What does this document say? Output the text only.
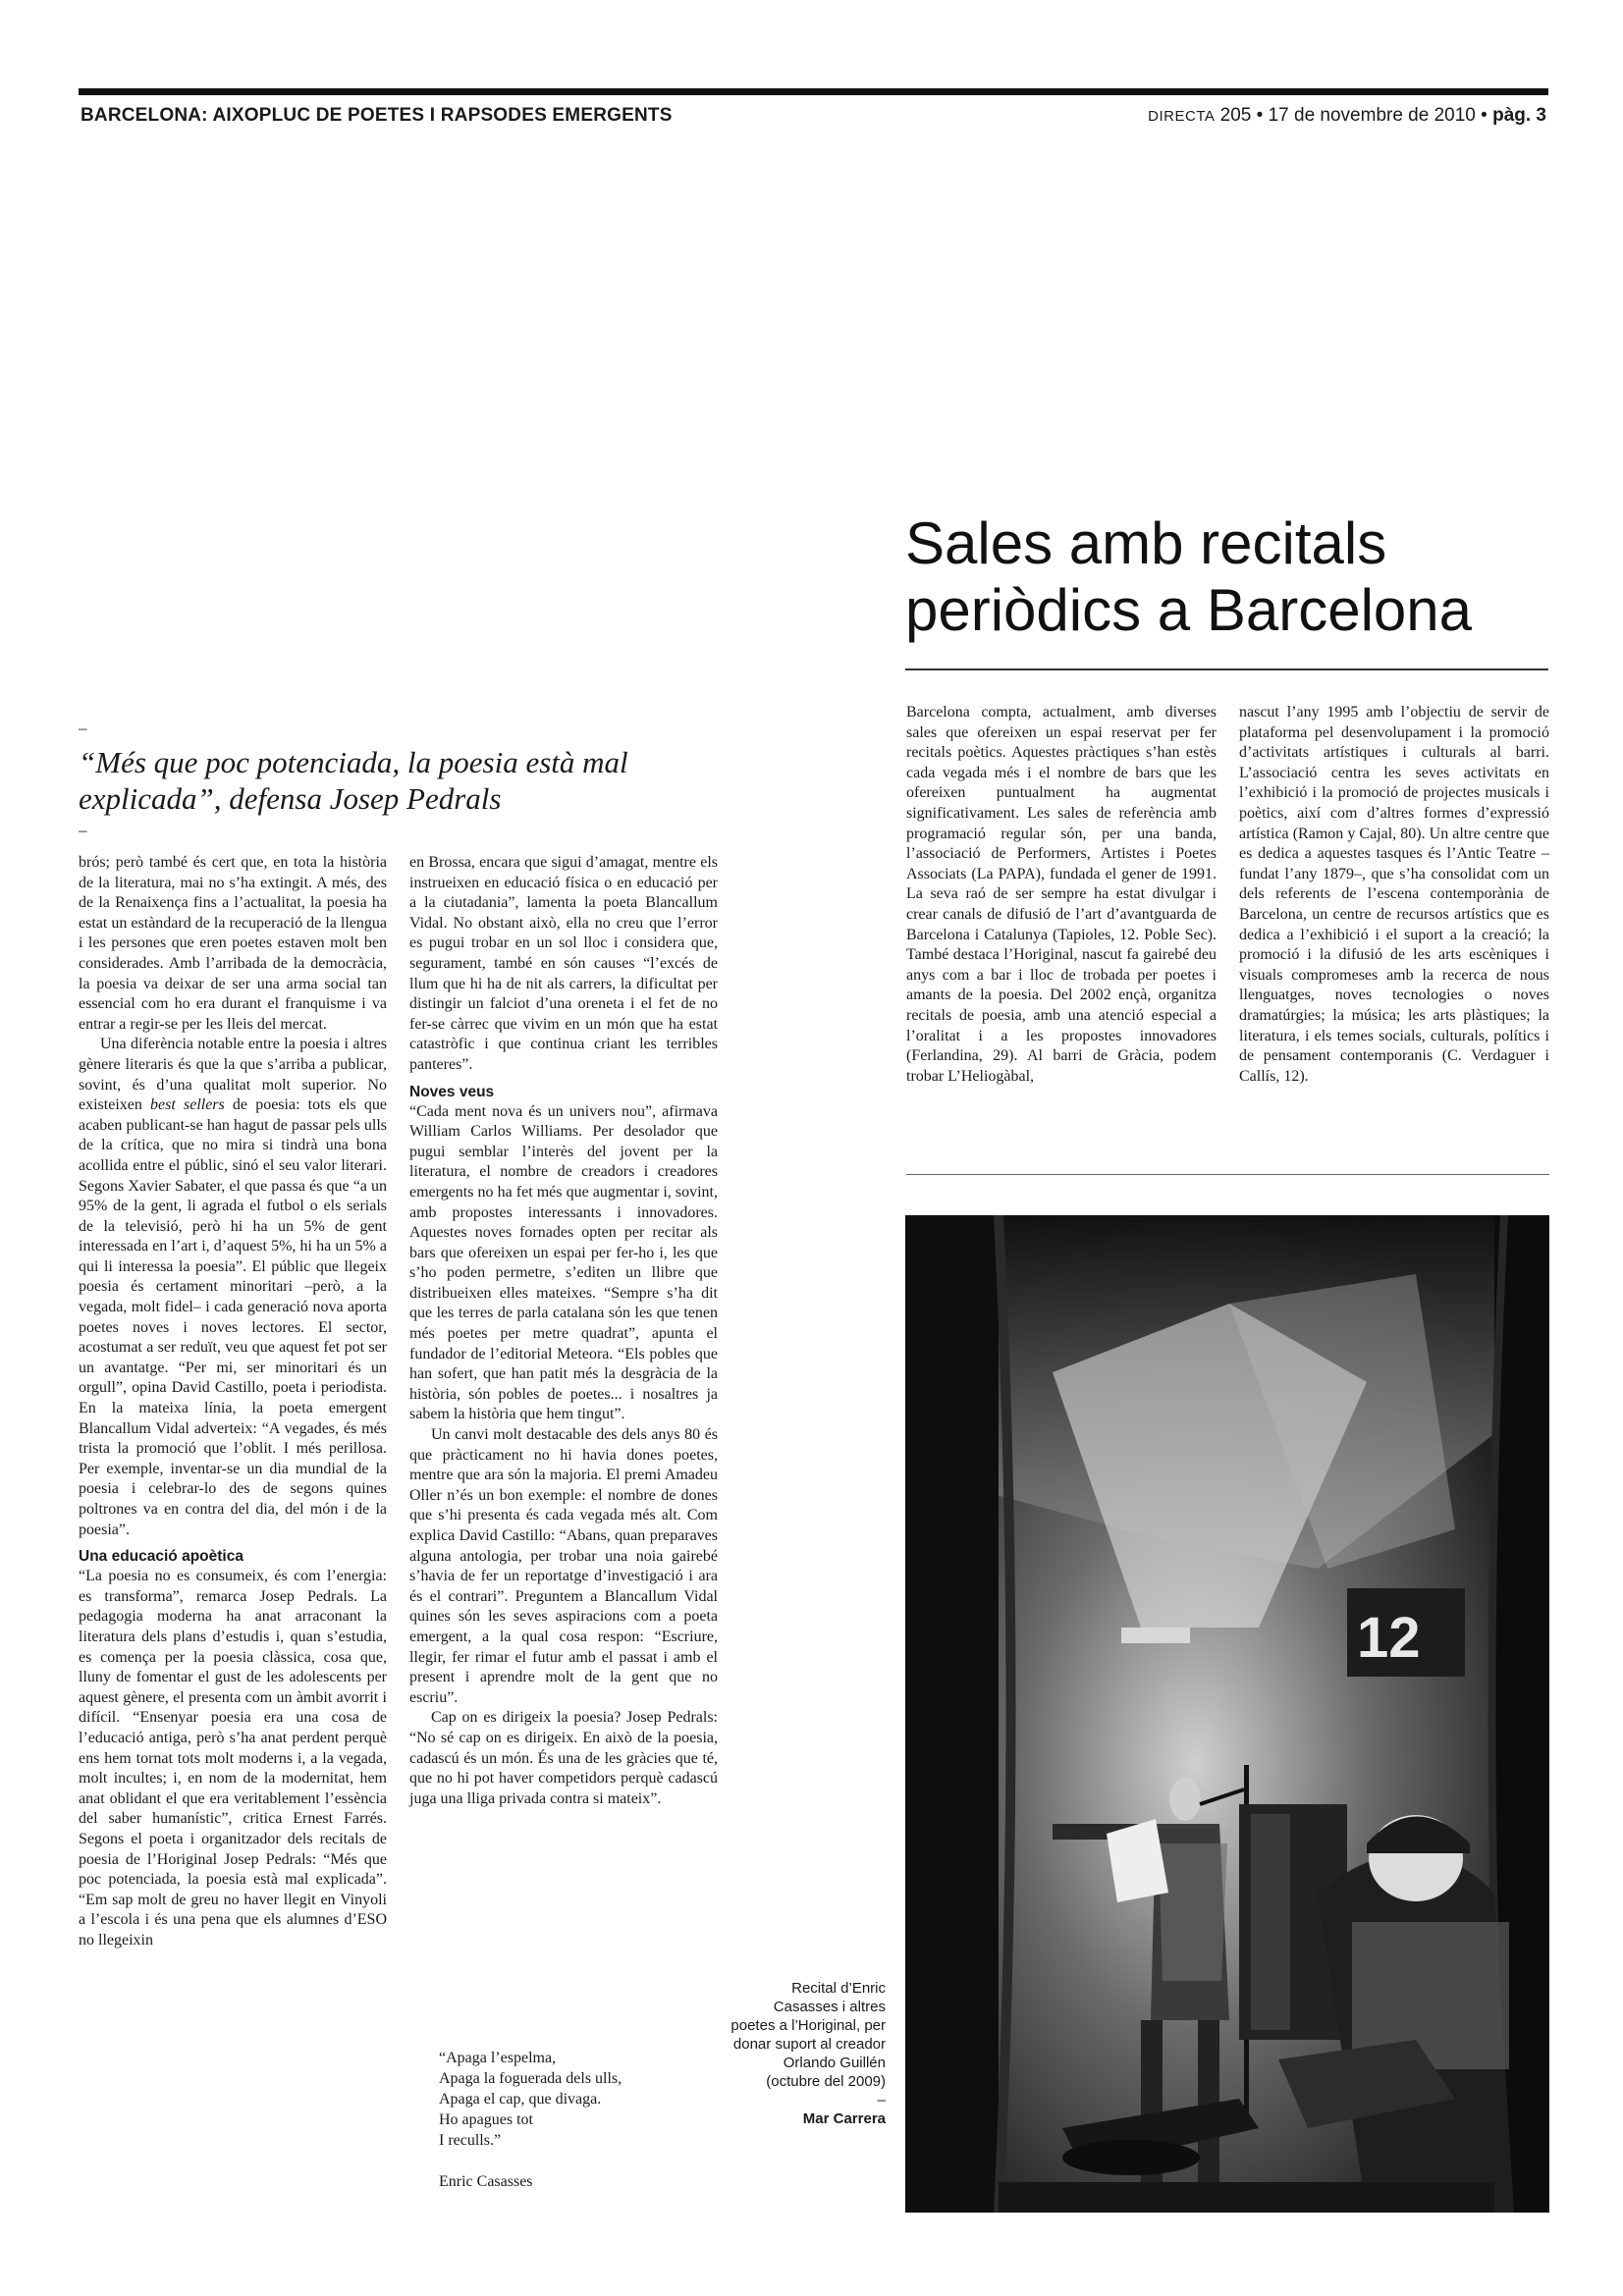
BARCELONA: AIXOPLUC DE POETES I RAPSODES EMERGENTS	DIRECTA 205 • 17 de novembre de 2010 • pàg. 3
Sales amb recitals
periòdics a Barcelona
–
“Més que poc potenciada, la poesia està mal explicada”, defensa Josep Pedrals
–

brós; però també és cert que, en tota la història de la literatura, mai no s’ha extingit. A més, des de la Renaixença fins a l’actualitat, la poesia ha estat un estàndard de la recuperació de la llengua i les persones que eren poetes estaven molt ben considerades. Amb l’arribada de la democràcia, la poesia va deixar de ser una arma social tan essencial com ho era durant el franquisme i va entrar a regir-se per les lleis del mercat.

Una diferència notable entre la poesia i altres gènere literaris és que la que s’arriba a publicar, sovint, és d’una qualitat molt superior. No existeixen best sellers de poesia: tots els que acaben publicant-se han hagut de passar pels ulls de la crítica, que no mira si tindrà una bona acollida entre el públic, sinó el seu valor literari. Segons Xavier Sabater, el que passa és que “a un 95% de la gent, li agrada el futbol o els serials de la televisió, però hi ha un 5% de gent interessada en l’art i, d’aquest 5%, hi ha un 5% a qui li interessa la poesia”. El públic que llegeix poesia és certament minoritari –però, a la vegada, molt fidel– i cada generació nova aporta poetes noves i noves lectores. El sector, acostumat a ser reduït, veu que aquest fet pot ser un avantatge. “Per mi, ser minoritari és un orgull”, opina David Castillo, poeta i periodista. En la mateixa línia, la poeta emergent Blancallum Vidal adverteix: “A vegades, és més trista la promoció que l’oblit. I més perillosa. Per exemple, inventar-se un dia mundial de la poesia i celebrar-lo des de segons quines poltrones va en contra del dia, del món i de la poesia”.

Una educació apoètica

“La poesia no es consumeix, és com l’energia: es transforma”, remarca Josep Pedrals. La pedagogia moderna ha anat arraconant la literatura dels plans d’estudis i, quan s’estudia, es comença per la poesia clàssica, cosa que, lluny de fomentar el gust de les adolescents per aquest gènere, el presenta com un àmbit avorrit i difícil. “Ensenyar poesia era una cosa de l’educació antiga, però s’ha anat perdent perquè ens hem tornat tots molt moderns i, a la vegada, molt incultes; i, en nom de la modernitat, hem anat oblidant el que era veritablement l’essència del saber humanístic”, critica Ernest Farrés. Segons el poeta i organitzador dels recitals de poesia de l’Horiginal Josep Pedrals: “Més que poc potenciada, la poesia està mal explicada”. “Em sap molt de greu no haver llegit en Vinyoli a l’escola i és una pena que els alumnes d’ESO no llegeixin

en Brossa, encara que sigui d’amagat, mentre els instrueixen en educació física o en educació per a la ciutadania”, lamenta la poeta Blancallum Vidal. No obstant això, ella no creu que l’error es pugui trobar en un sol lloc i considera que, segurament, també en són causes “l’excés de llum que hi ha de nit als carrers, la dificultat per distingir un falciot d’una oreneta i el fet de no fer-se càrrec que vivim en un món que ha estat catastròfic i que continua criant les terribles panteres”.

Noves veus

“Cada ment nova és un univers nou”, afirmava William Carlos Williams. Per desolador que pugui semblar l’interès del jovent per la literatura, el nombre de creadors i creadores emergents no ha fet més que augmentar i, sovint, amb propostes interessants i innovadores. Aquestes noves fornades opten per recitar als bars que ofereixen un espai per fer-ho i, les que s’ho poden permetre, s’editen un llibre que distribueixen elles mateixes. “Sempre s’ha dit que les terres de parla catalana són les que tenen més poetes per metre quadrat”, apunta el fundador de l’editorial Meteora. “Els pobles que han sofert, que han patit més la desgràcia de la història, són pobles de poetes... i nosaltres ja sabem la història que hem tingut”.

Un canvi molt destacable des dels anys 80 és que pràcticament no hi havia dones poetes, mentre que ara són la majoria. El premi Amadeu Oller n’és un bon exemple: el nombre de dones que s’hi presenta és cada vegada més alt. Com explica David Castillo: “Abans, quan preparaves alguna antologia, per trobar una noia gairebé s’havia de fer un reportatge d’investigació i ara és el contrari”. Preguntem a Blancallum Vidal quines són les seves aspiracions com a poeta emergent, a la qual cosa respon: “Escriure, llegir, fer rimar el futur amb el passat i amb el present i aprendre molt de la gent que no escriu”.

Cap on es dirigeix la poesia? Josep Pedrals: “No sé cap on es dirigeix. En això de la poesia, cadascú és un món. És una de les gràcies que té, que no hi pot haver competidors perquè cadascú juga una lliga privada contra si mateix”.

“Apaga l’espelma,

Apaga la foguerada dels ulls,

Apaga el cap, que divaga.

Ho apagues tot

I reculls.”

Enric Casasses

Barcelona compta, actualment, amb diverses sales que ofereixen un espai reservat per fer recitals poètics. Aquestes pràctiques s’han estès cada vegada més i el nombre de bars que les ofereixen puntualment ha augmentat significativament. Les sales de referència amb programació regular són, per una banda, l’associació de Performers, Artistes i Poetes Associats (La PAPA), fundada el gener de 1991. La seva raó de ser sempre ha estat divulgar i crear canals de difusió de l’art d’avantguarda de Barcelona i Catalunya (Tapioles, 12. Poble Sec). També destaca l’Horiginal, nascut fa gairebé deu anys com a bar i lloc de trobada per poetes i amants de la poesia. Del 2002 ençà, organitza recitals de poesia, amb una atenció especial a l’oralitat i a les propostes innovadores (Ferlandina, 29). Al barri de Gràcia, podem trobar L’Heliogàbal,

nascut l’any 1995 amb l’objectiu de servir de plataforma pel desenvolupament i la promoció d’activitats artístiques i culturals al barri. L’associació centra les seves activitats en l’exhibició i la promoció de projectes musicals i poètics, així com d’altres formes d’expressió artística (Ramon y Cajal, 80). Un altre centre que es dedica a aquestes tasques és l’Antic Teatre –fundat l’any 1879–, que s’ha consolidat com un dels referents de l’escena contemporània de Barcelona, un centre de recursos artístics que es dedica a l’exhibició i el suport a la creació; la promoció i la difusió de les arts escèniques i visuals compromeses amb la recerca de nous llenguatges, noves tecnologies o noves dramatúrgies; la música; les arts plàstiques; la literatura, i els temes socials, culturals, polítics i de pensament contemporanis (C. Verdaguer i Callís, 12).

12
Recital d’Enric Casasses i altres poetes a l’Horiginal, per donar suport al creador Orlando Guillén (octubre del 2009)
–
Mar Carrera
